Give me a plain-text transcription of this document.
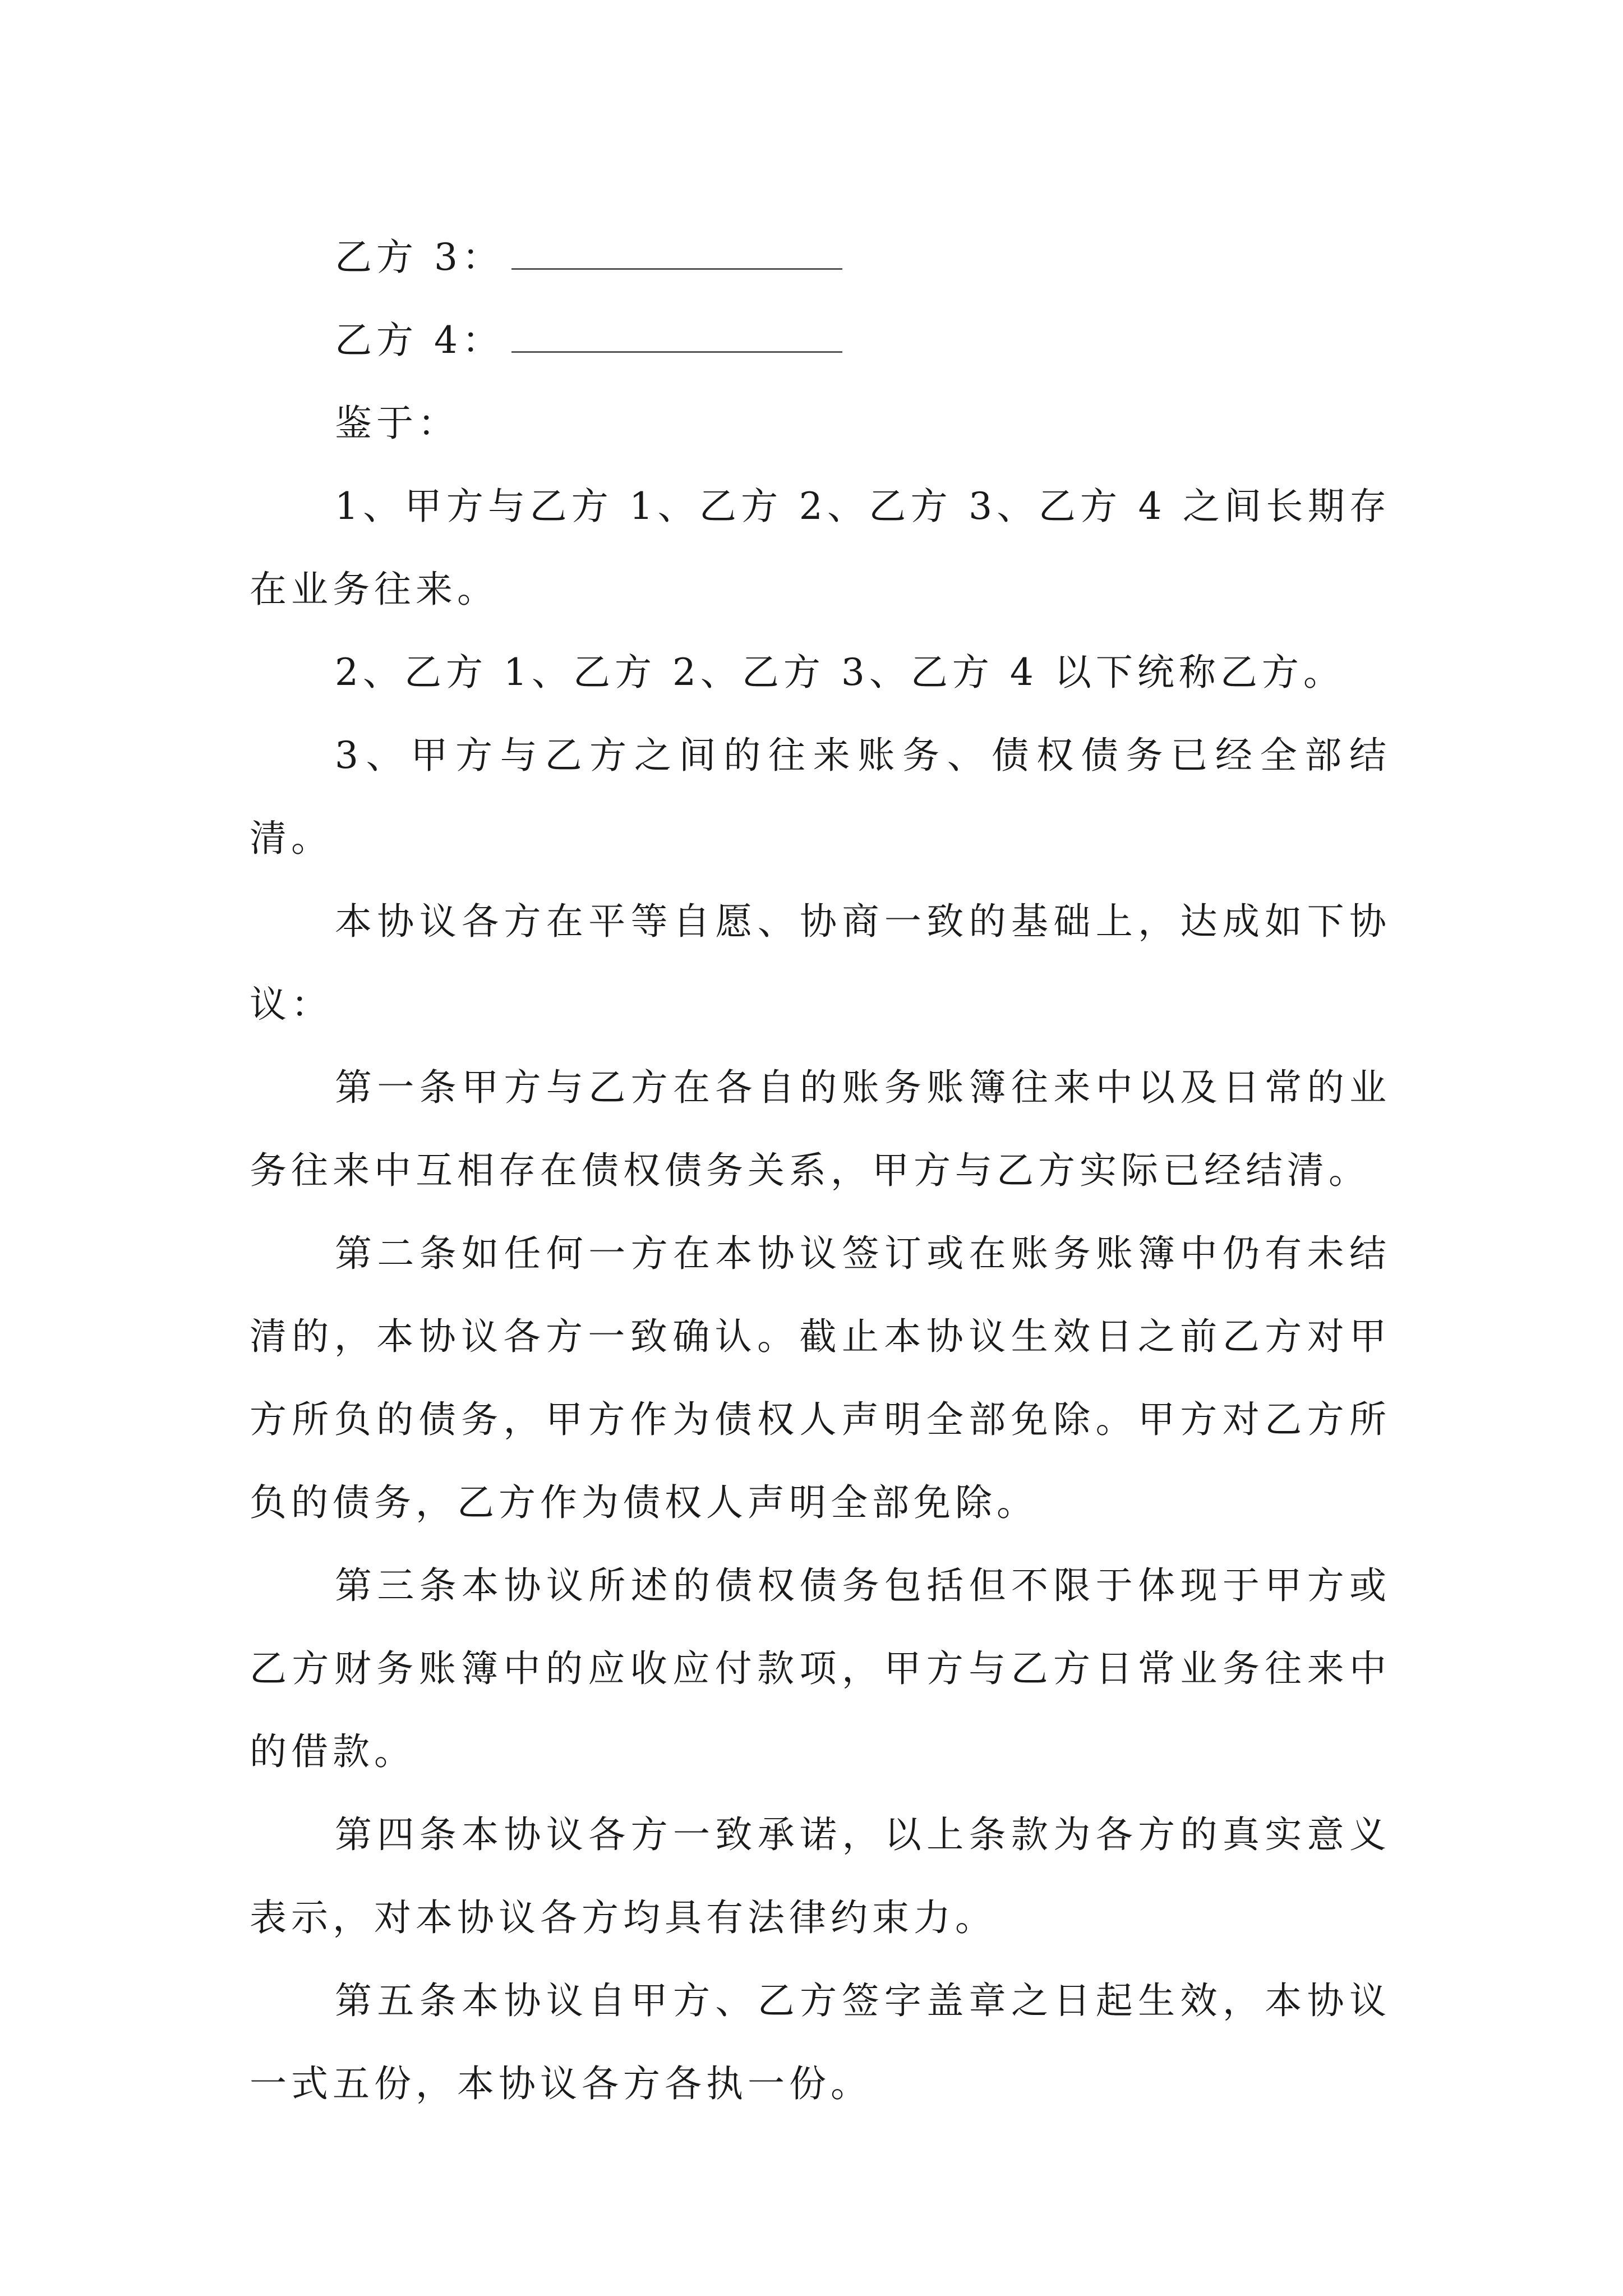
乙方 3：

乙方 4：

鉴于：

1、甲方与乙方 1、乙方 2、乙方 3、乙方 4 之间长期存在业务往来。

2、乙方 1、乙方 2、乙方 3、乙方 4 以下统称乙方。

3、甲方与乙方之间的往来账务、债权债务已经全部结清。

本协议各方在平等自愿、协商一致的基础上，达成如下协议：

第一条甲方与乙方在各自的账务账簿往来中以及日常的业务往来中互相存在债权债务关系，甲方与乙方实际已经结清。

第二条如任何一方在本协议签订或在账务账簿中仍有未结清的，本协议各方一致确认。截止本协议生效日之前乙方对甲方所负的债务，甲方作为债权人声明全部免除。甲方对乙方所负的债务，乙方作为债权人声明全部免除。

第三条本协议所述的债权债务包括但不限于体现于甲方或乙方财务账簿中的应收应付款项，甲方与乙方日常业务往来中的借款。

第四条本协议各方一致承诺，以上条款为各方的真实意义表示，对本协议各方均具有法律约束力。

第五条本协议自甲方、乙方签字盖章之日起生效，本协议一式五份，本协议各方各执一份。
